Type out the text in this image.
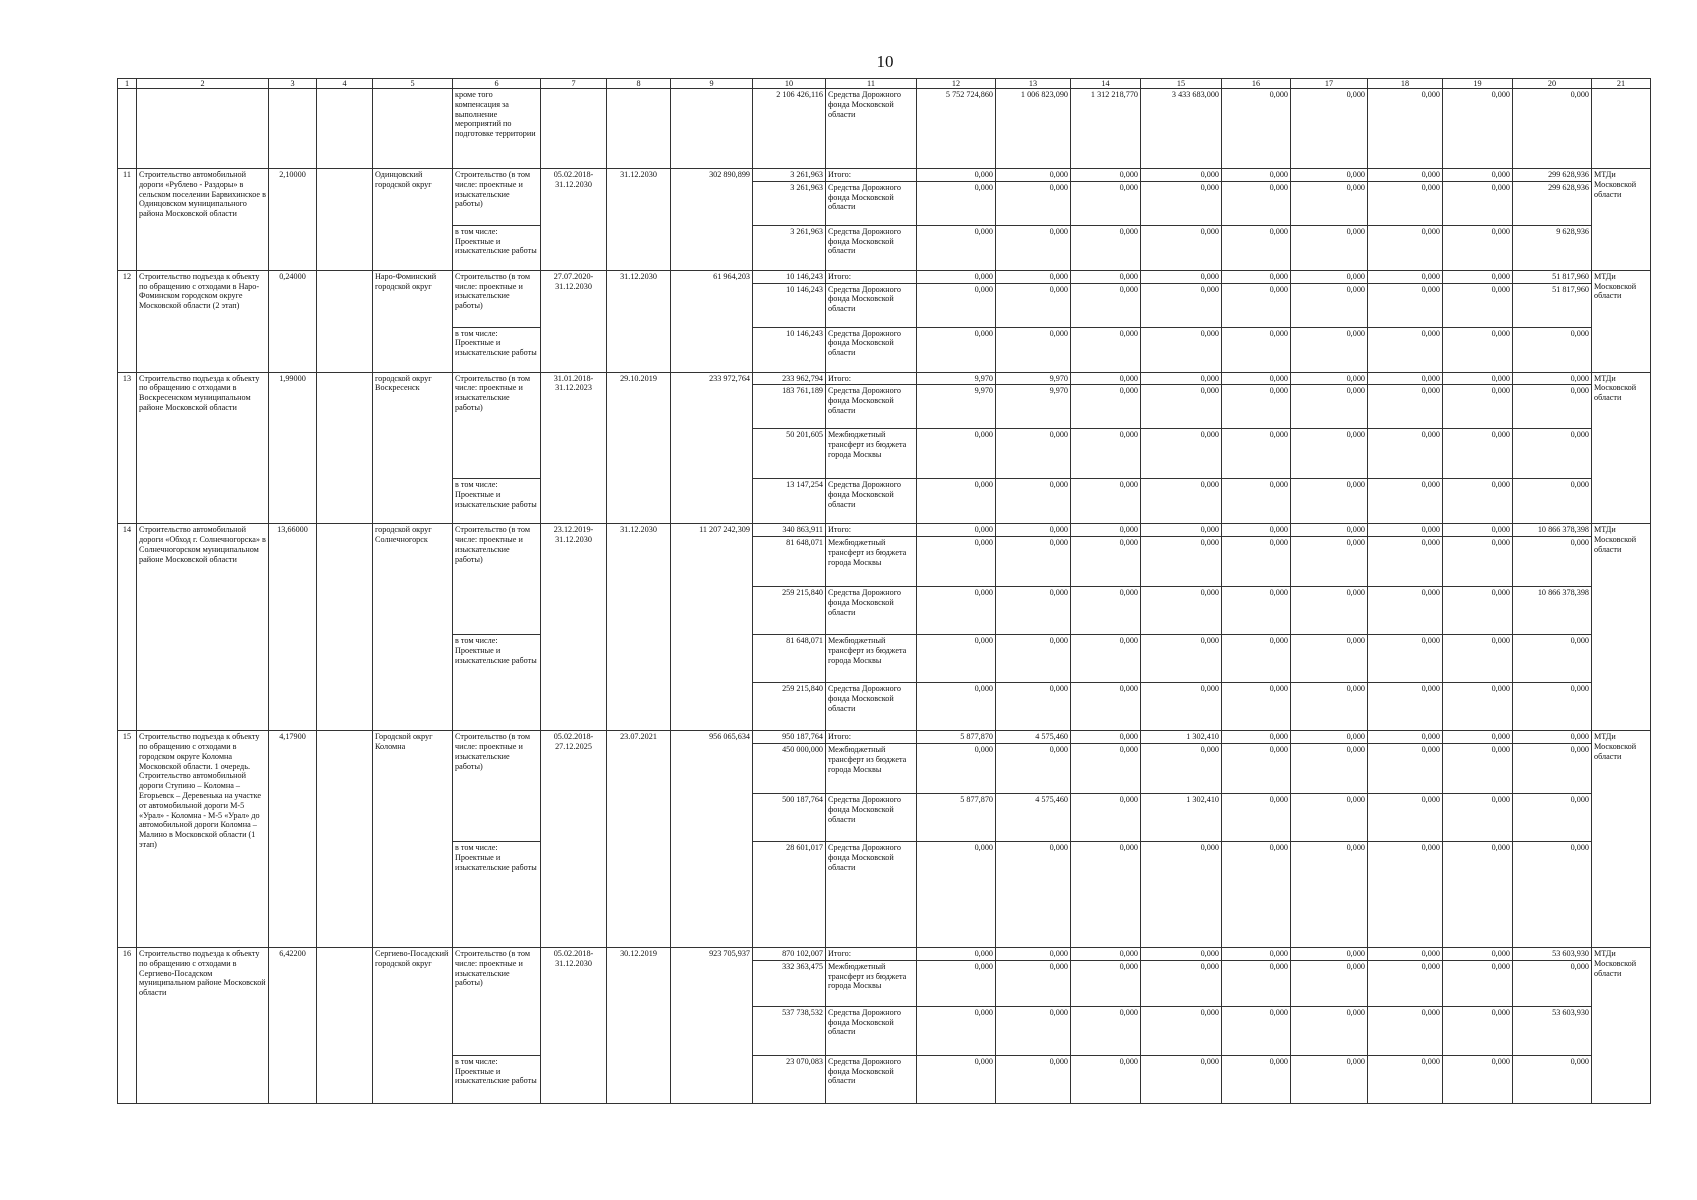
10
1	2	3	4	5	6	7	8	9	10	11	12	13	14	15	16	17	18	19	20	21
					кроме того компенсация за выполнение мероприятий по подготовке территории				2 106 426,116	Средства Дорожного фонда Московской области	5 752 724,860	1 006 823,090	1 312 218,770	3 433 683,000	0,000	0,000	0,000	0,000	0,000	
11	Строительство автомобильной дороги «Рублево - Раздоры» в сельском поселении Барвихинское в Одинцовском муниципального района Московской области	2,10000		Одинцовский городской округ	Строительство (в том числе: проектные и изыскательские работы)	05.02.2018-31.12.2030	31.12.2030	302 890,899	3 261,963	Итого:	0,000	0,000	0,000	0,000	0,000	0,000	0,000	0,000	299 628,936	МТДи Московской области
									3 261,963	Средства Дорожного фонда Московской области	0,000	0,000	0,000	0,000	0,000	0,000	0,000	0,000	299 628,936	
					в том числе: Проектные и изыскательские работы				3 261,963	Средства Дорожного фонда Московской области	0,000	0,000	0,000	0,000	0,000	0,000	0,000	0,000	9 628,936	
12	Строительство подъезда к объекту по обращению с отходами в Наро-Фоминском городском округе Московской области (2 этап)	0,24000		Наро-Фоминский городской округ	Строительство (в том числе: проектные и изыскательские работы)	27.07.2020-31.12.2030	31.12.2030	61 964,203	10 146,243	Итого:	0,000	0,000	0,000	0,000	0,000	0,000	0,000	0,000	51 817,960	МТДи Московской области
									10 146,243	Средства Дорожного фонда Московской области	0,000	0,000	0,000	0,000	0,000	0,000	0,000	0,000	51 817,960	
					в том числе: Проектные и изыскательские работы				10 146,243	Средства Дорожного фонда Московской области	0,000	0,000	0,000	0,000	0,000	0,000	0,000	0,000	0,000	
13	Строительство подъезда к объекту по обращению с отходами в Воскресенском муниципальном районе Московской области	1,99000		городской округ Воскресенск	Строительство (в том числе: проектные и изыскательские работы)	31.01.2018-31.12.2023	29.10.2019	233 972,764	233 962,794	Итого:	9,970	9,970	0,000	0,000	0,000	0,000	0,000	0,000	0,000	МТДи Московской области
									183 761,189	Средства Дорожного фонда Московской области	9,970	9,970	0,000	0,000	0,000	0,000	0,000	0,000	0,000	
									50 201,605	Межбюджетный трансферт из бюджета города Москвы	0,000	0,000	0,000	0,000	0,000	0,000	0,000	0,000	0,000	
					в том числе: Проектные и изыскательские работы				13 147,254	Средства Дорожного фонда Московской области	0,000	0,000	0,000	0,000	0,000	0,000	0,000	0,000	0,000	
14	Строительство автомобильной дороги «Обход г. Солнечногорска» в Солнечногорском муниципальном районе Московской области	13,66000		городской округ Солнечногорск	Строительство (в том числе: проектные и изыскательские работы)	23.12.2019-31.12.2030	31.12.2030	11 207 242,309	340 863,911	Итого:	0,000	0,000	0,000	0,000	0,000	0,000	0,000	0,000	10 866 378,398	МТДи Московской области
									81 648,071	Межбюджетный трансферт из бюджета города Москвы	0,000	0,000	0,000	0,000	0,000	0,000	0,000	0,000	0,000	
									259 215,840	Средства Дорожного фонда Московской области	0,000	0,000	0,000	0,000	0,000	0,000	0,000	0,000	10 866 378,398	
					в том числе: Проектные и изыскательские работы				81 648,071	Межбюджетный трансферт из бюджета города Москвы	0,000	0,000	0,000	0,000	0,000	0,000	0,000	0,000	0,000	
									259 215,840	Средства Дорожного фонда Московской области	0,000	0,000	0,000	0,000	0,000	0,000	0,000	0,000	0,000	
15	Строительство подъезда к объекту по обращению с отходами в городском округе Коломна Московской области. 1 очередь. Строительство автомобильной дороги Ступино – Коломна – Егорьевск – Деревенька на участке от автомобильной дороги М-5 «Урал» - Коломна - М-5 «Урал» до автомобильной дороги Коломна – Малино в Московской области (1 этап)	4,17900		Городской округ Коломна	Строительство (в том числе: проектные и изыскательские работы)	05.02.2018-27.12.2025	23.07.2021	956 065,634	950 187,764	Итого:	5 877,870	4 575,460	0,000	1 302,410	0,000	0,000	0,000	0,000	0,000	МТДи Московской области
									450 000,000	Межбюджетный трансферт из бюджета города Москвы	0,000	0,000	0,000	0,000	0,000	0,000	0,000	0,000	0,000	
									500 187,764	Средства Дорожного фонда Московской области	5 877,870	4 575,460	0,000	1 302,410	0,000	0,000	0,000	0,000	0,000	
					в том числе: Проектные и изыскательские работы				28 601,017	Средства Дорожного фонда Московской области	0,000	0,000	0,000	0,000	0,000	0,000	0,000	0,000	0,000	
16	Строительство подъезда к объекту по обращению с отходами в Сергиево-Посадском муниципальном районе Московской области	6,42200		Сергиево-Посадский городской округ	Строительство (в том числе: проектные и изыскательские работы)	05.02.2018-31.12.2030	30.12.2019	923 705,937	870 102,007	Итого:	0,000	0,000	0,000	0,000	0,000	0,000	0,000	0,000	53 603,930	МТДи Московской области
									332 363,475	Межбюджетный трансферт из бюджета города Москвы	0,000	0,000	0,000	0,000	0,000	0,000	0,000	0,000	0,000	
									537 738,532	Средства Дорожного фонда Московской области	0,000	0,000	0,000	0,000	0,000	0,000	0,000	0,000	53 603,930	
					в том числе: Проектные и изыскательские работы				23 070,083	Средства Дорожного фонда Московской области	0,000	0,000	0,000	0,000	0,000	0,000	0,000	0,000	0,000	
